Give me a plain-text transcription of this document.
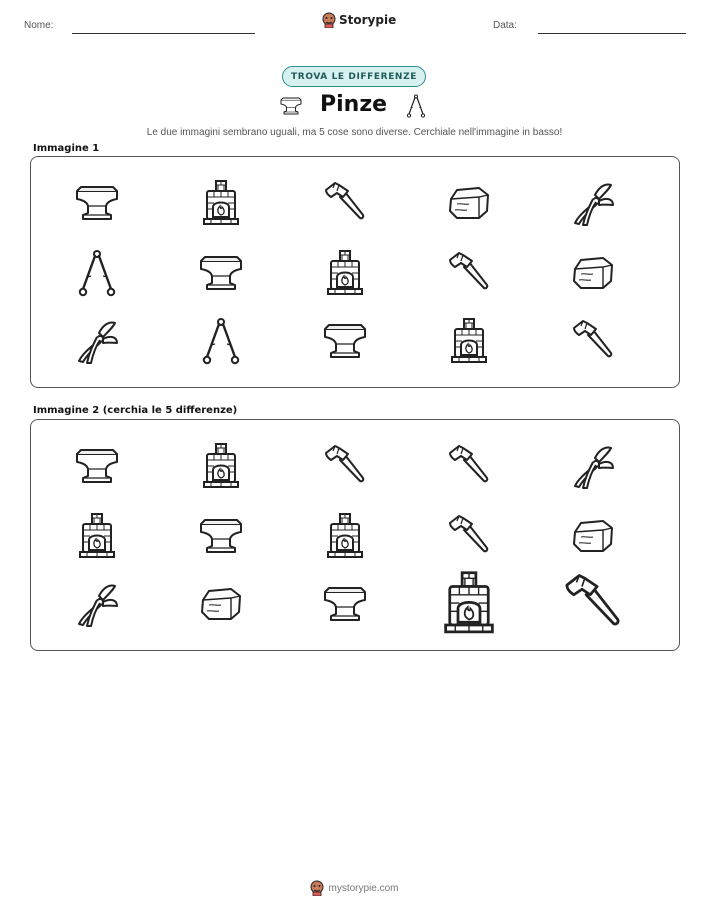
Nome:	Storypie	Data:
TROVA LE DIFFERENZE
Pinze
Le due immagini sembrano uguali, ma 5 cose sono diverse. Cerchiale nell'immagine in basso!
Immagine 1
Immagine 2 (cerchia le 5 differenze)
mystorypie.com
